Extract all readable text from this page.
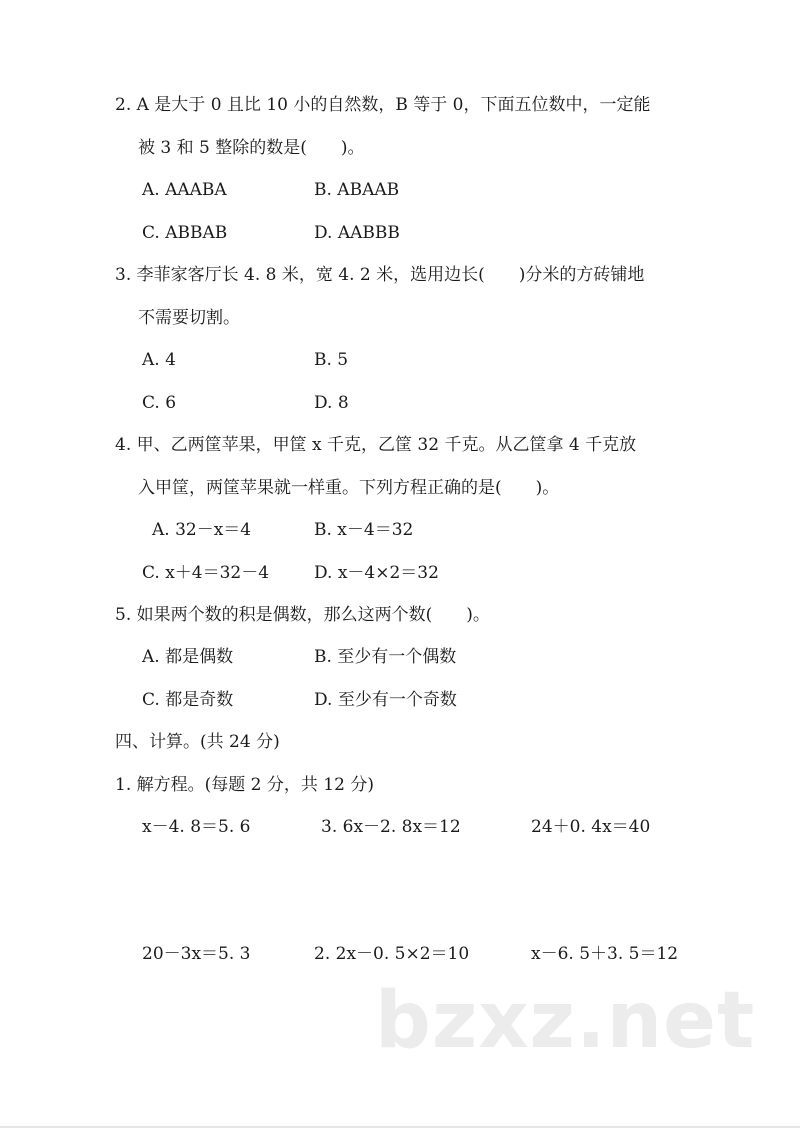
2. A 是大于 0 且比 10 小的自然数，B 等于 0，下面五位数中，一定能
被 3 和 5 整除的数是(　　)。
A. AAABA	B. ABAAB
C. ABBAB	D. AABBB
3. 李菲家客厅长 4. 8 米，宽 4. 2 米，选用边长(　　)分米的方砖铺地
不需要切割。
A. 4	B. 5
C. 6	D. 8
4. 甲、乙两筐苹果，甲筐 x 千克，乙筐 32 千克。从乙筐拿 4 千克放
入甲筐，两筐苹果就一样重。下列方程正确的是(　　)。
A. 32－x＝4	B. x－4＝32
C. x＋4＝32－4	D. x－4×2＝32
5. 如果两个数的积是偶数，那么这两个数(　　)。
A. 都是偶数	B. 至少有一个偶数
C. 都是奇数	D. 至少有一个奇数
四、计算。(共 24 分)
1. 解方程。(每题 2 分，共 12 分)
x－4. 8＝5. 6	3. 6x－2. 8x＝12	24＋0. 4x＝40
20－3x＝5. 3	2. 2x－0. 5×2＝10	x－6. 5＋3. 5＝12
bzxz.net
